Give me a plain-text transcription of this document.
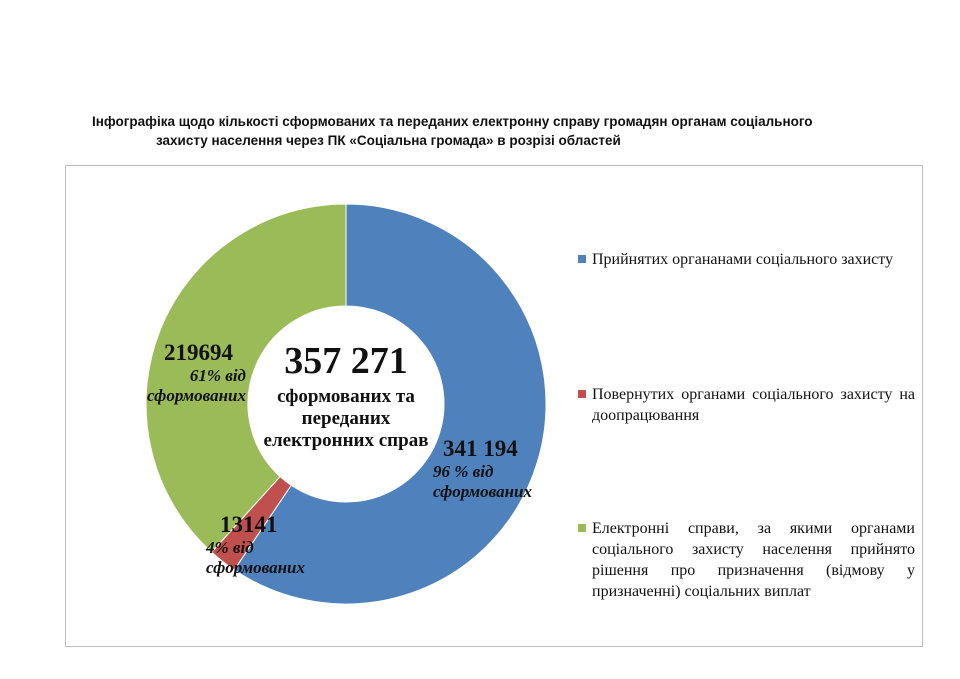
Інфографіка щодо кількості сформованих та переданих електронну справу громадян органам соціального
захисту населення через ПК «Соціальна громада» в розрізі областей
357 271
сформованих та переданих електронних справ 341 194
96 % від сформованих
13141
4% від сформованих
219694
61% від сформованих
Прийнятих органанами соціального захисту
Повернутих органами соціального захисту на доопрацювання
Електронні справи, за якими органами соціального захисту населення прийнято рішення про призначення (відмову у призначенні) соціальних виплат
